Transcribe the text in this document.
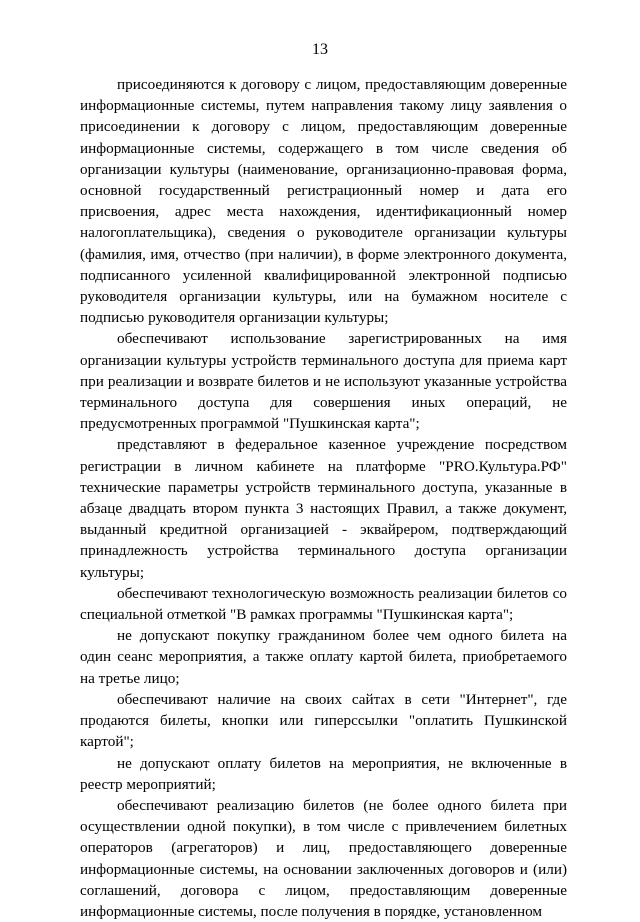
13

присоединяются к договору с лицом, предоставляющим доверенные информационные системы, путем направления такому лицу заявления о присоединении к договору с лицом, предоставляющим доверенные информационные системы, содержащего в том числе сведения об организации культуры (наименование, организационно-правовая форма, основной государственный регистрационный номер и дата его присвоения, адрес места нахождения, идентификационный номер налогоплательщика), сведения о руководителе организации культуры (фамилия, имя, отчество (при наличии), в форме электронного документа, подписанного усиленной квалифицированной электронной подписью руководителя организации культуры, или на бумажном носителе с подписью руководителя организации культуры;

обеспечивают использование зарегистрированных на имя организации культуры устройств терминального доступа для приема карт при реализации и возврате билетов и не используют указанные устройства терминального доступа для совершения иных операций, не предусмотренных программой "Пушкинская карта";

представляют в федеральное казенное учреждение посредством регистрации в личном кабинете на платформе "PRO.Культура.РФ" технические параметры устройств терминального доступа, указанные в абзаце двадцать втором пункта 3 настоящих Правил, а также документ, выданный кредитной организацией - эквайрером, подтверждающий принадлежность устройства терминального доступа организации культуры;

обеспечивают технологическую возможность реализации билетов со специальной отметкой "В рамках программы "Пушкинская карта";

не допускают покупку гражданином более чем одного билета на один сеанс мероприятия, а также оплату картой билета, приобретаемого на третье лицо;

обеспечивают наличие на своих сайтах в сети "Интернет", где продаются билеты, кнопки или гиперссылки "оплатить Пушкинской картой";

не допускают оплату билетов на мероприятия, не включенные в реестр мероприятий;

обеспечивают реализацию билетов (не более одного билета при осуществлении одной покупки), в том числе с привлечением билетных операторов (агрегаторов) и лиц, предоставляющего доверенные информационные системы, на основании заключенных договоров и (или) соглашений, договора с лицом, предоставляющим доверенные информационные системы, после получения в порядке, установленном
